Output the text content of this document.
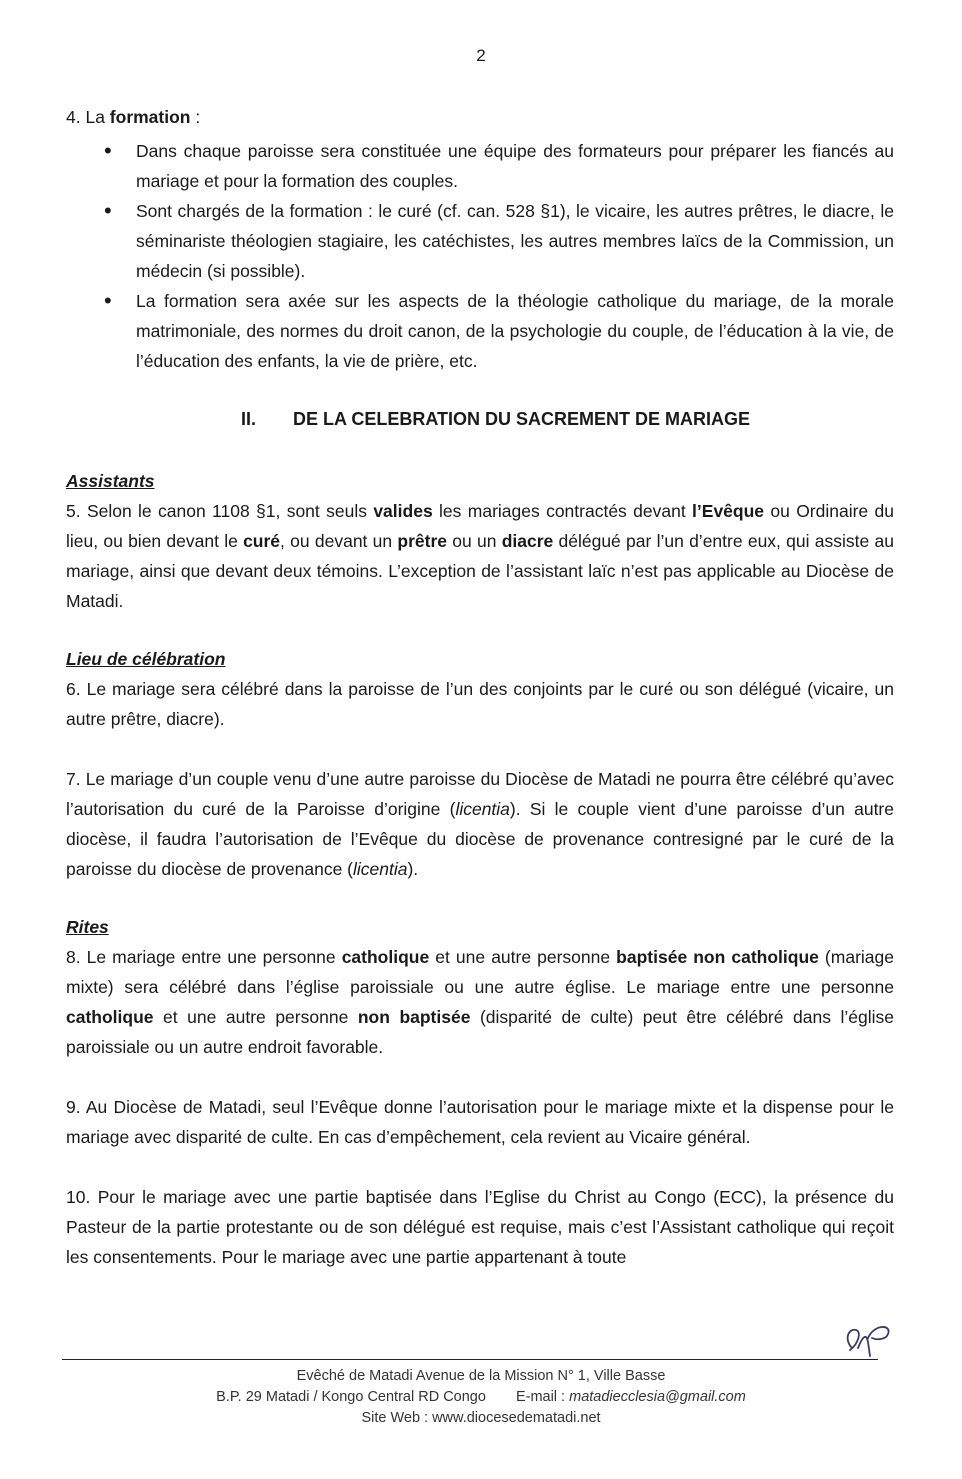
2

4. La formation :

• Dans chaque paroisse sera constituée une équipe des formateurs pour préparer les fiancés au mariage et pour la formation des couples.
• Sont chargés de la formation : le curé (cf. can. 528 §1), le vicaire, les autres prêtres, le diacre, le séminariste théologien stagiaire, les catéchistes, les autres membres laïcs de la Commission, un médecin (si possible).
• La formation sera axée sur les aspects de la théologie catholique du mariage, de la morale matrimoniale, des normes du droit canon, de la psychologie du couple, de l’éducation à la vie, de l’éducation des enfants, la vie de prière, etc.

II. DE LA CELEBRATION DU SACREMENT DE MARIAGE

Assistants

5. Selon le canon 1108 §1, sont seuls valides les mariages contractés devant l’Evêque ou Ordinaire du lieu, ou bien devant le curé, ou devant un prêtre ou un diacre délégué par l’un d’entre eux, qui assiste au mariage, ainsi que devant deux témoins. L’exception de l’assistant laïc n’est pas applicable au Diocèse de Matadi.

Lieu de célébration

6. Le mariage sera célébré dans la paroisse de l’un des conjoints par le curé ou son délégué (vicaire, un autre prêtre, diacre).

7. Le mariage d’un couple venu d’une autre paroisse du Diocèse de Matadi ne pourra être célébré qu’avec l’autorisation du curé de la Paroisse d’origine (licentia). Si le couple vient d’une paroisse d’un autre diocèse, il faudra l’autorisation de l’Evêque du diocèse de provenance contresigné par le curé de la paroisse du diocèse de provenance (licentia).

Rites

8. Le mariage entre une personne catholique et une autre personne baptisée non catholique (mariage mixte) sera célébré dans l’église paroissiale ou une autre église. Le mariage entre une personne catholique et une autre personne non baptisée (disparité de culte) peut être célébré dans l’église paroissiale ou un autre endroit favorable.

9. Au Diocèse de Matadi, seul l’Evêque donne l’autorisation pour le mariage mixte et la dispense pour le mariage avec disparité de culte. En cas d’empêchement, cela revient au Vicaire général.

10. Pour le mariage avec une partie baptisée dans l’Eglise du Christ au Congo (ECC), la présence du Pasteur de la partie protestante ou de son délégué est requise, mais c’est l’Assistant catholique qui reçoit les consentements. Pour le mariage avec une partie appartenant à toute

Evêché de Matadi Avenue de la Mission N° 1, Ville Basse
B.P. 29 Matadi / Kongo Central RD Congo E-mail : matadiecclesia@gmail.com
Site Web : www.diocesedematadi.net
